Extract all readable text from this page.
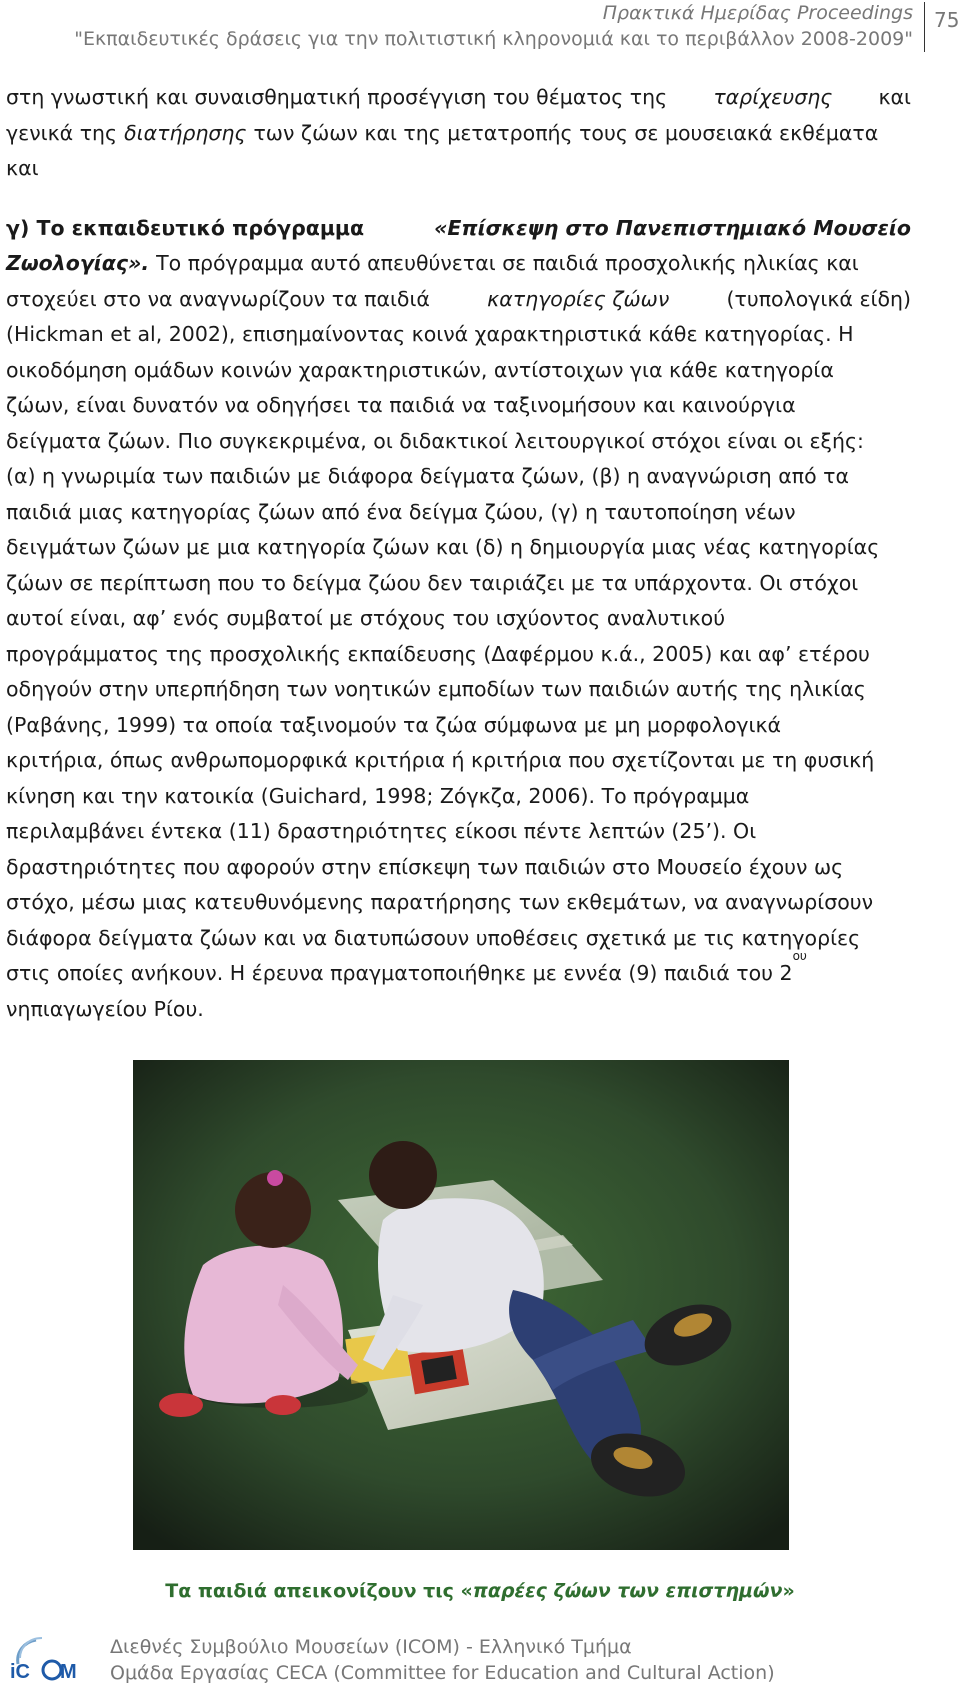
Πρακτικά Ημερίδας Proceedings
"Εκπαιδευτικές δράσεις για την πολιτιστική κληρονομιά και το περιβάλλον 2008-2009"
75
στη γνωστική και συναισθηματική προσέγγιση του θέματος της ταρίχευσης και
γενικά της διατήρησης των ζώων και της μετατροπής τους σε μουσειακά εκθέματα
και
γ) Το εκπαιδευτικό πρόγραμμα	«Επίσκεψη στο Πανεπιστημιακό Μουσείο
Ζωολογίας». Το πρόγραμμα αυτό απευθύνεται σε παιδιά προσχολικής ηλικίας και
στοχεύει στο να αναγνωρίζουν τα παιδιά	κατηγορίες ζώων	(τυπολογικά είδη)
(Hickman et al, 2002), επισημαίνοντας κοινά χαρακτηριστικά κάθε κατηγορίας. Η
οικοδόμηση ομάδων κοινών χαρακτηριστικών, αντίστοιχων για κάθε κατηγορία
ζώων, είναι δυνατόν να οδηγήσει τα παιδιά να ταξινομήσουν και καινούργια
δείγματα ζώων. Πιο συγκεκριμένα, οι διδακτικοί λειτουργικοί στόχοι είναι οι εξής:
(α) η γνωριμία των παιδιών με διάφορα δείγματα ζώων, (β) η αναγνώριση από τα
παιδιά μιας κατηγορίας ζώων από ένα δείγμα ζώου, (γ) η ταυτοποίηση νέων
δειγμάτων ζώων με μια κατηγορία ζώων και (δ) η δημιουργία μιας νέας κατηγορίας
ζώων σε περίπτωση που το δείγμα ζώου δεν ταιριάζει με τα υπάρχοντα. Οι στόχοι
αυτοί είναι, αφ’ ενός συμβατοί με στόχους του ισχύοντος αναλυτικού
προγράμματος της προσχολικής εκπαίδευσης (Δαφέρμου κ.ά., 2005) και αφ’ ετέρου
οδηγούν στην υπερπήδηση των νοητικών εμποδίων των παιδιών αυτής της ηλικίας
(Ραβάνης, 1999) τα οποία ταξινομούν τα ζώα σύμφωνα με μη μορφολογικά
κριτήρια, όπως ανθρωπομορφικά κριτήρια ή κριτήρια που σχετίζονται με τη φυσική
κίνηση και την κατοικία (Guichard, 1998; Ζόγκζα, 2006). Το πρόγραμμα
περιλαμβάνει έντεκα (11) δραστηριότητες είκοσι πέντε λεπτών (25’). Οι
δραστηριότητες που αφορούν στην επίσκεψη των παιδιών στο Μουσείο έχουν ως
στόχο, μέσω μιας κατευθυνόμενης παρατήρησης των εκθεμάτων, να αναγνωρίσουν
διάφορα δείγματα ζώων και να διατυπώσουν υποθέσεις σχετικά με τις κατηγορίες
στις οποίες ανήκουν. Η έρευνα πραγματοποιήθηκε με εννέα (9) παιδιά του 2
ου
νηπιαγωγείου Ρίου.
Τα παιδιά απεικονίζουν τις «παρέες ζώων των επιστημών»
iC M
Διεθνές Συμβούλιο Μουσείων (ICOM) - Ελληνικό Τμήμα
Ομάδα Εργασίας CECA (Committee for Education and Cultural Action)
